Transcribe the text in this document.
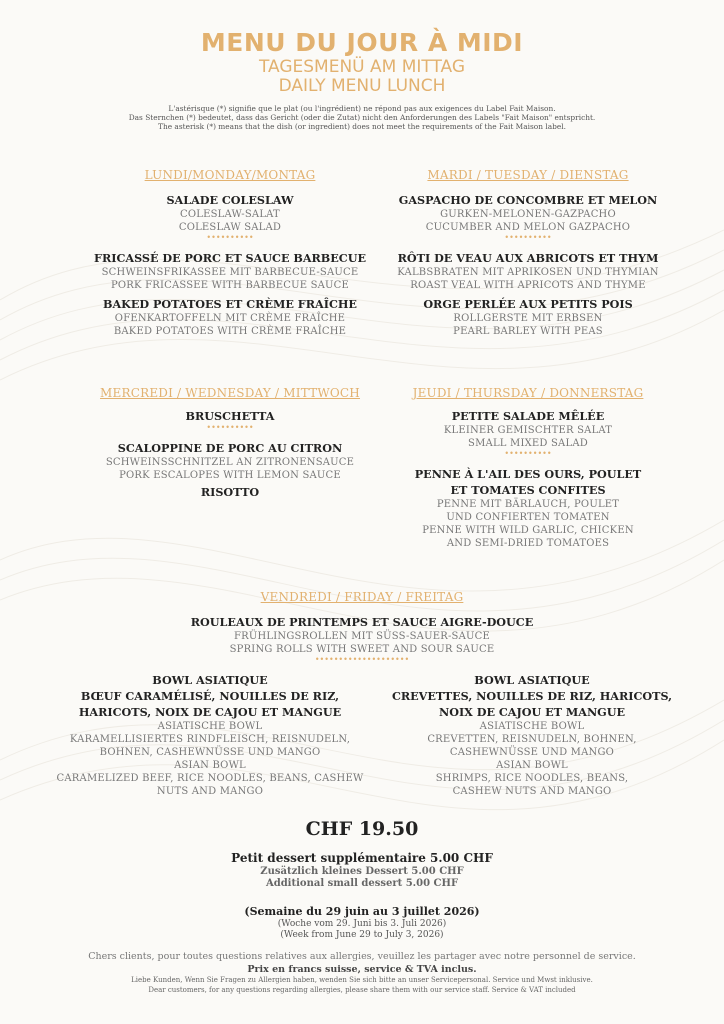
MENU DU JOUR À MIDI
TAGESMENÜ AM MITTAG
DAILY MENU LUNCH
L'astérisque (*) signifie que le plat (ou l'ingrédient) ne répond pas aux exigences du Label Fait Maison.
Das Sternchen (*) bedeutet, dass das Gericht (oder die Zutat) nicht den Anforderungen des Labels "Fait Maison" entspricht.
The asterisk (*) means that the dish (or ingredient) does not meet the requirements of the Fait Maison label.
LUNDI/MONDAY/MONTAG
SALADE COLESLAW
COLESLAW-SALAT
COLESLAW SALAD
••••••••••
FRICASSÉ DE PORC ET SAUCE BARBECUE
SCHWEINSFRIKASSEE MIT BARBECUE-SAUCE
PORK FRICASSEE WITH BARBECUE SAUCE
BAKED POTATOES ET CRÈME FRAÎCHE
OFENKARTOFFELN MIT CRÈME FRAÎCHE
BAKED POTATOES WITH CRÈME FRAÎCHE
MARDI / TUESDAY / DIENSTAG
GASPACHO DE CONCOMBRE ET MELON
GURKEN-MELONEN-GAZPACHO
CUCUMBER AND MELON GAZPACHO
••••••••••
RÔTI DE VEAU AUX ABRICOTS ET THYM
KALBSBRATEN MIT APRIKOSEN UND THYMIAN
ROAST VEAL WITH APRICOTS AND THYME
ORGE PERLÉE AUX PETITS POIS
ROLLGERSTE MIT ERBSEN
PEARL BARLEY WITH PEAS
MERCREDI / WEDNESDAY / MITTWOCH
BRUSCHETTA
••••••••••
SCALOPPINE DE PORC AU CITRON
SCHWEINSSCHNITZEL AN ZITRONENSAUCE
PORK ESCALOPES WITH LEMON SAUCE
RISOTTO
JEUDI / THURSDAY / DONNERSTAG
PETITE SALADE MÊLÉE
KLEINER GEMISCHTER SALAT
SMALL MIXED SALAD
••••••••••
PENNE À L'AIL DES OURS, POULET
ET TOMATES CONFITES
PENNE MIT BÄRLAUCH, POULET
UND CONFIERTEN TOMATEN
PENNE WITH WILD GARLIC, CHICKEN
AND SEMI-DRIED TOMATOES
VENDREDI / FRIDAY / FREITAG
ROULEAUX DE PRINTEMPS ET SAUCE AIGRE-DOUCE
FRÜHLINGSROLLEN MIT SÜSS-SAUER-SAUCE
SPRING ROLLS WITH SWEET AND SOUR SAUCE
••••••••••••••••••••
BOWL ASIATIQUE
BŒUF CARAMÉLISÉ, NOUILLES DE RIZ,
HARICOTS, NOIX DE CAJOU ET MANGUE
ASIATISCHE BOWL
KARAMELLISIERTES RINDFLEISCH, REISNUDELN,
BOHNEN, CASHEWNÜSSE UND MANGO
ASIAN BOWL
CARAMELIZED BEEF, RICE NOODLES, BEANS, CASHEW
NUTS AND MANGO
BOWL ASIATIQUE
CREVETTES, NOUILLES DE RIZ, HARICOTS,
NOIX DE CAJOU ET MANGUE
ASIATISCHE BOWL
CREVETTEN, REISNUDELN, BOHNEN,
CASHEWNÜSSE UND MANGO
ASIAN BOWL
SHRIMPS, RICE NOODLES, BEANS,
CASHEW NUTS AND MANGO
CHF 19.50
Petit dessert supplémentaire 5.00 CHF
Zusätzlich kleines Dessert 5.00 CHF
Additional small dessert 5.00 CHF
(Semaine du 29 juin au 3 juillet 2026)
(Woche vom 29. Juni bis 3. Juli 2026)
(Week from June 29 to July 3, 2026)
Chers clients, pour toutes questions relatives aux allergies, veuillez les partager avec notre personnel de service.
Prix en francs suisse, service & TVA inclus.
Liebe Kunden, Wenn Sie Fragen zu Allergien haben, wenden Sie sich bitte an unser Servicepersonal. Service und Mwst inklusive.
Dear customers, for any questions regarding allergies, please share them with our service staff. Service & VAT included
